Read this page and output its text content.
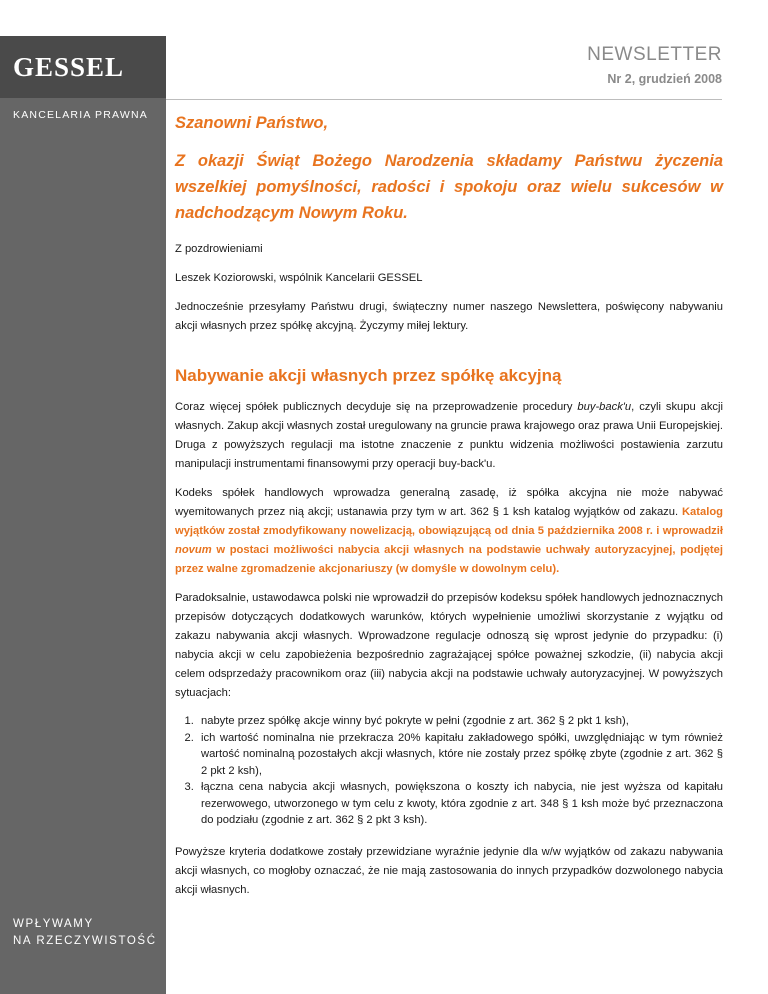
GESSEL
KANCELARIA PRAWNA
WPŁYWAMY
NA RZECZYWISTOŚĆ
NEWSLETTER
Nr 2, grudzień 2008
Szanowni Państwo,
Z okazji Świąt Bożego Narodzenia składamy Państwu życzenia wszelkiej pomyślności, radości i spokoju oraz wielu sukcesów w nadchodzącym Nowym Roku.

Z pozdrowieniami

Leszek Koziorowski, wspólnik Kancelarii GESSEL

Jednocześnie przesyłamy Państwu drugi, świąteczny numer naszego Newslettera, poświęcony nabywaniu akcji własnych przez spółkę akcyjną. Życzymy miłej lektury.

Nabywanie akcji własnych przez spółkę akcyjną

Coraz więcej spółek publicznych decyduje się na przeprowadzenie procedury buy-back'u, czyli skupu akcji własnych. Zakup akcji własnych został uregulowany na gruncie prawa krajowego oraz prawa Unii Europejskiej. Druga z powyższych regulacji ma istotne znaczenie z punktu widzenia możliwości postawienia zarzutu manipulacji instrumentami finansowymi przy operacji buy-back'u.

Kodeks spółek handlowych wprowadza generalną zasadę, iż spółka akcyjna nie może nabywać wyemitowanych przez nią akcji; ustanawia przy tym w art. 362 § 1 ksh katalog wyjątków od zakazu. Katalog wyjątków został zmodyfikowany nowelizacją, obowiązującą od dnia 5 października 2008 r. i wprowadził novum w postaci możliwości nabycia akcji własnych na podstawie uchwały autoryzacyjnej, podjętej przez walne zgromadzenie akcjonariuszy (w domyśle w dowolnym celu).

Paradoksalnie, ustawodawca polski nie wprowadził do przepisów kodeksu spółek handlowych jednoznacznych przepisów dotyczących dodatkowych warunków, których wypełnienie umożliwi skorzystanie z wyjątku od zakazu nabywania akcji własnych. Wprowadzone regulacje odnoszą się wprost jedynie do przypadku: (i) nabycia akcji w celu zapobieżenia bezpośrednio zagrażającej spółce poważnej szkodzie, (ii) nabycia akcji celem odsprzedaży pracownikom oraz (iii) nabycia akcji na podstawie uchwały autoryzacyjnej. W powyższych sytuacjach:

1. nabyte przez spółkę akcje winny być pokryte w pełni (zgodnie z art. 362 § 2 pkt 1 ksh),
2. ich wartość nominalna nie przekracza 20% kapitału zakładowego spółki, uwzględniając w tym również wartość nominalną pozostałych akcji własnych, które nie zostały przez spółkę zbyte (zgodnie z art. 362 § 2 pkt 2 ksh),
3. łączna cena nabycia akcji własnych, powiększona o koszty ich nabycia, nie jest wyższa od kapitału rezerwowego, utworzonego w tym celu z kwoty, która zgodnie z art. 348 § 1 ksh może być przeznaczona do podziału (zgodnie z art. 362 § 2 pkt 3 ksh).

Powyższe kryteria dodatkowe zostały przewidziane wyraźnie jedynie dla w/w wyjątków od zakazu nabywania akcji własnych, co mogłoby oznaczać, że nie mają zastosowania do innych przypadków dozwolonego nabycia akcji własnych.
